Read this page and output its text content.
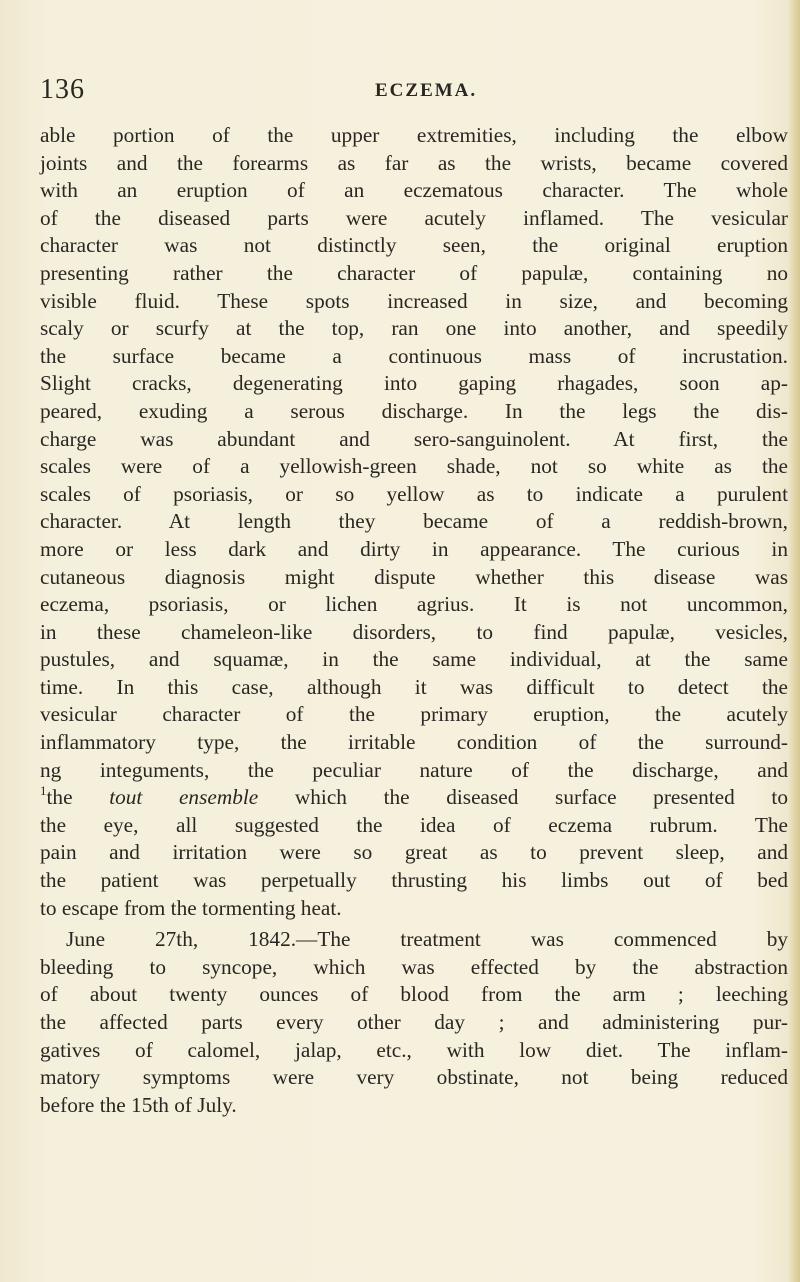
136	ECZEMA.
able portion of the upper extremities, including the elbow
joints and the forearms as far as the wrists, became covered
with an eruption of an eczematous character. The whole
of the diseased parts were acutely inflamed. The vesicular
character was not distinctly seen, the original eruption
presenting rather the character of papulæ, containing no
visible fluid. These spots increased in size, and becoming
scaly or scurfy at the top, ran one into another, and speedily
the surface became a continuous mass of incrustation.
Slight cracks, degenerating into gaping rhagades, soon ap-
peared, exuding a serous discharge. In the legs the dis-
charge was abundant and sero-sanguinolent. At first, the
scales were of a yellowish-green shade, not so white as the
scales of psoriasis, or so yellow as to indicate a purulent
character. At length they became of a reddish-brown,
more or less dark and dirty in appearance. The curious in
cutaneous diagnosis might dispute whether this disease was
eczema, psoriasis, or lichen agrius. It is not uncommon,
in these chameleon-like disorders, to find papulæ, vesicles,
pustules, and squamæ, in the same individual, at the same
time. In this case, although it was difficult to detect the
vesicular character of the primary eruption, the acutely
inflammatory type, the irritable condition of the surround-
ng integuments, the peculiar nature of the discharge, and
$^1$the tout ensemble which the diseased surface presented to
the eye, all suggested the idea of eczema rubrum. The
pain and irritation were so great as to prevent sleep, and
the patient was perpetually thrusting his limbs out of bed
to escape from the tormenting heat.
June 27th, 1842.—The treatment was commenced by
bleeding to syncope, which was effected by the abstraction
of about twenty ounces of blood from the arm ; leeching
the affected parts every other day ; and administering pur-
gatives of calomel, jalap, etc., with low diet. The inflam-
matory symptoms were very obstinate, not being reduced
before the 15th of July.
